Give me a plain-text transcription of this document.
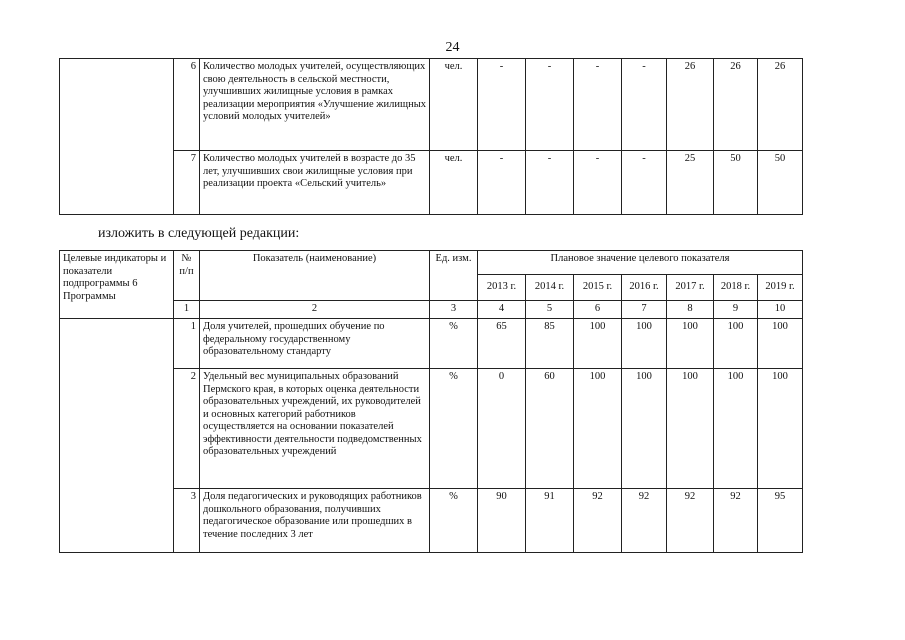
24
	6	Количество молодых учителей, осуществляющих свою деятельность в сельской местности, улучшивших жилищные условия в рамках реализации мероприятия «Улучшение жилищных условий молодых учителей»	чел.	-	-	-	-	26	26	26
	7	Количество молодых учителей в возрасте до 35 лет, улучшивших свои жилищные условия при реализации проекта «Сельский учитель»	чел.	-	-	-	-	25	50	50
изложить в следующей редакции:
Целевые индикаторы и показатели подпрограммы 6 Программы	№ п/п	Показатель (наименование)	Ед. изм.	Плановое значение целевого показателя						
				2013 г.	2014 г.	2015 г.	2016 г.	2017 г.	2018 г.	2019 г.
	1	2	3	4	5	6	7	8	9	10
	1	Доля учителей, прошедших обучение по федеральному государственному образовательному стандарту	%	65	85	100	100	100	100	100
	2	Удельный вес муниципальных образований Пермского края, в которых оценка деятельности образовательных учреждений, их руководителей и основных категорий работников осуществляется на основании показателей эффективности деятельности подведомственных образовательных учреждений	%	0	60	100	100	100	100	100
	3	Доля педагогических и руководящих работников дошкольного образования, получивших педагогическое образование или прошедших в течение последних 3 лет	%	90	91	92	92	92	92	95
